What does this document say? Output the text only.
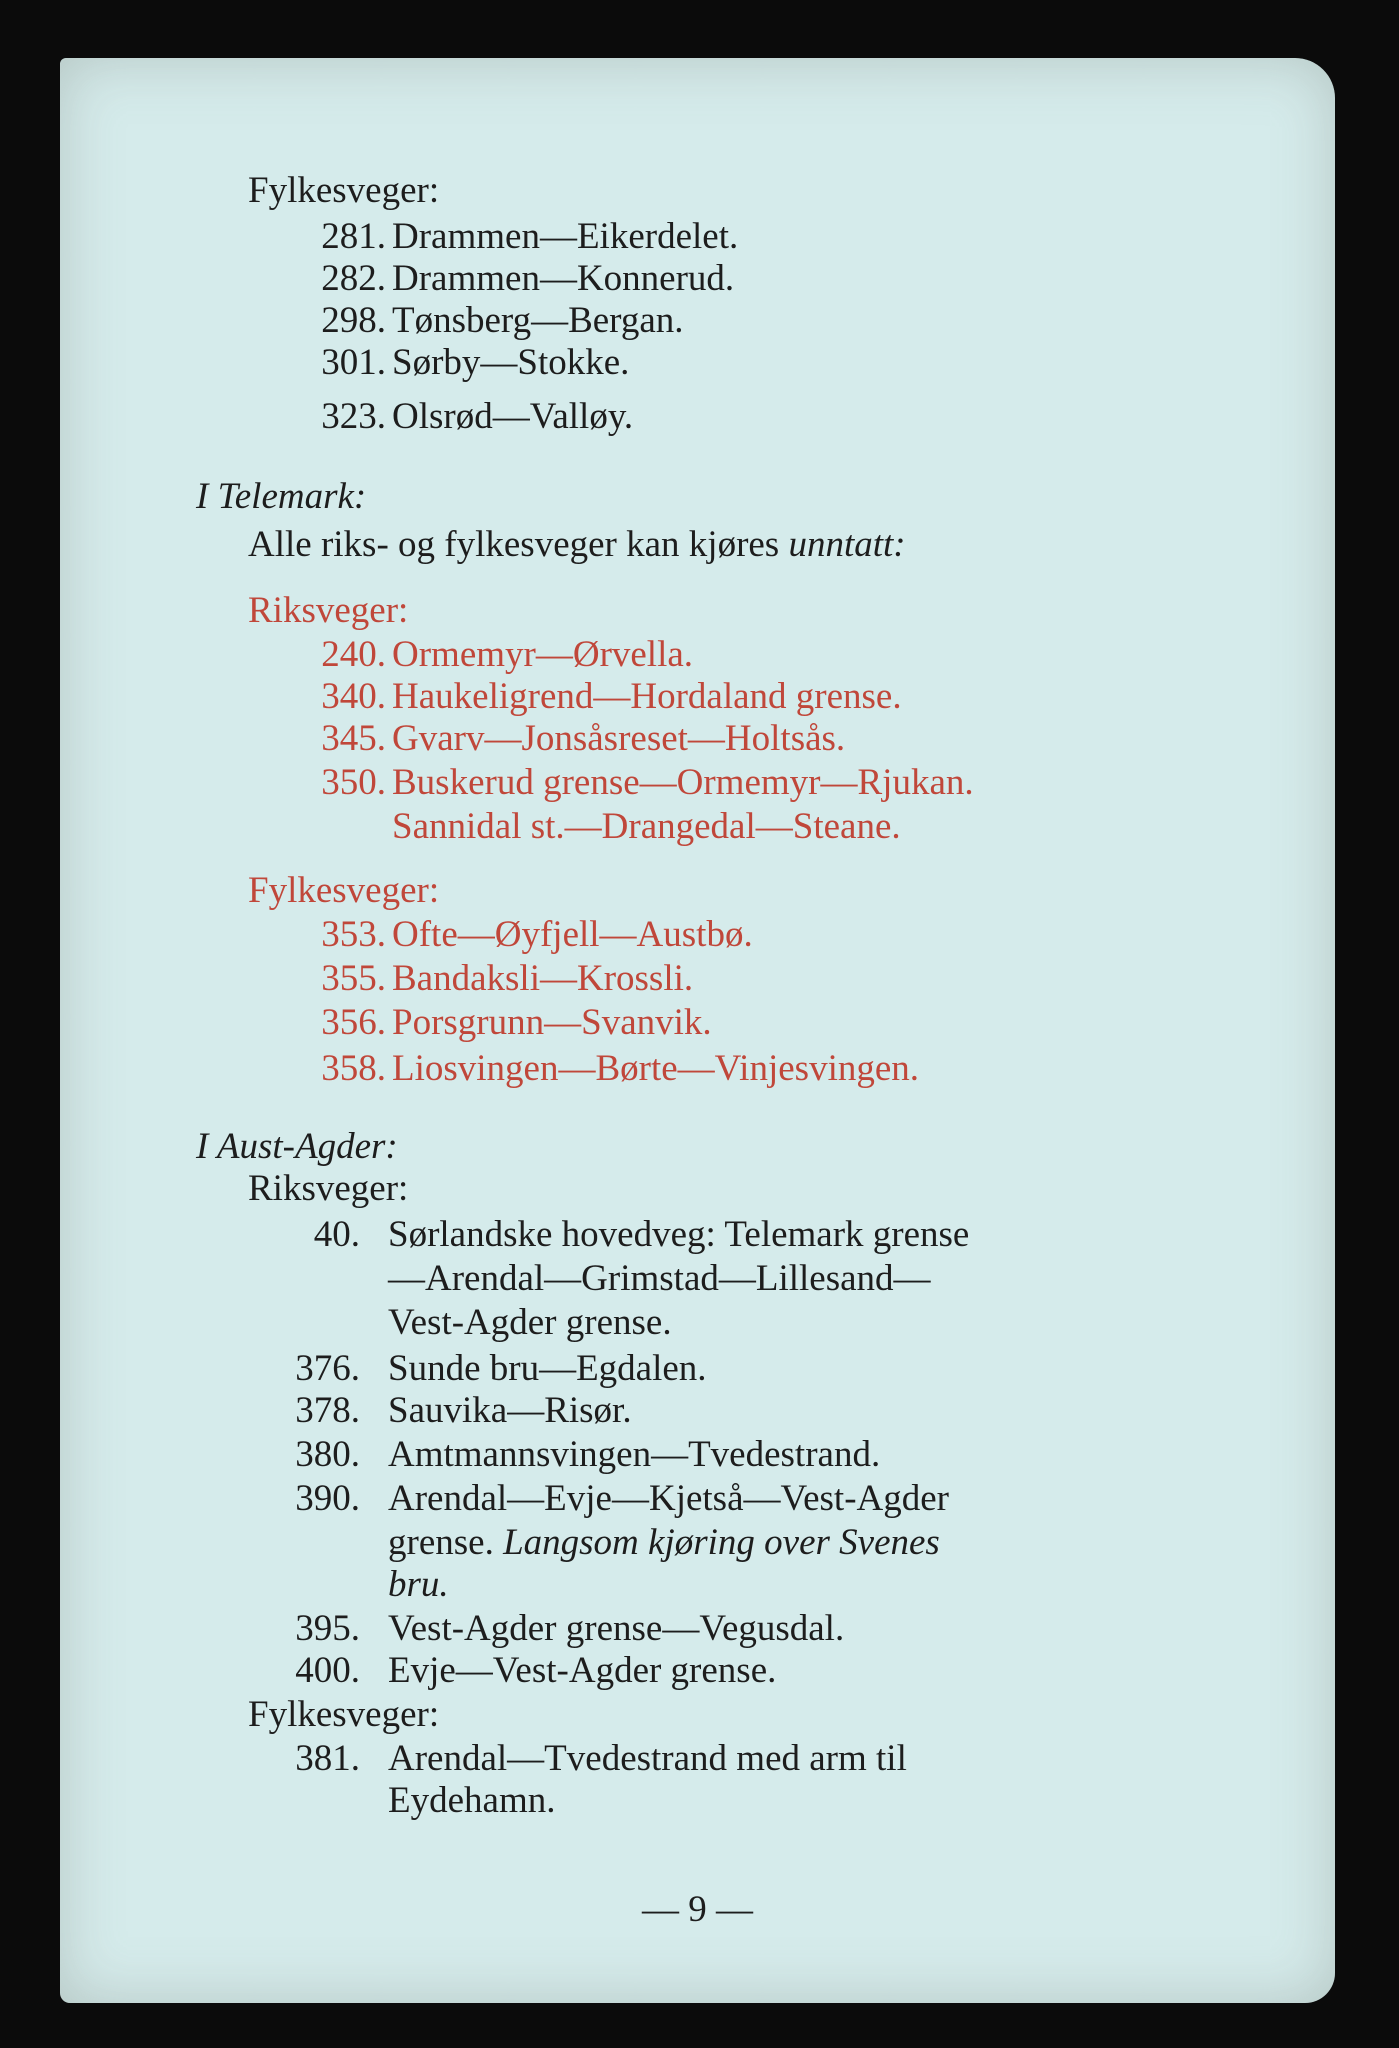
Fylkesveger:
281. Drammen—Eikerdelet.
282. Drammen—Konnerud.
298. Tønsberg—Bergan.
301. Sørby—Stokke.
323. Olsrød—Valløy.
I Telemark:
Alle riks- og fylkesveger kan kjøres unntatt:
Riksveger:
240. Ormemyr—Ørvella.
340. Haukeligrend—Hordaland grense.
345. Gvarv—Jonsåsreset—Holtsås.
350. Buskerud grense—Ormemyr—Rjukan.
Sannidal st.—Drangedal—Steane.
Fylkesveger:
353. Ofte—Øyfjell—Austbø.
355. Bandaksli—Krossli.
356. Porsgrunn—Svanvik.
358. Liosvingen—Børte—Vinjesvingen.
I Aust-Agder:
Riksveger:
40. Sørlandske hovedveg: Telemark grense
—Arendal—Grimstad—Lillesand—
Vest-Agder grense.
376. Sunde bru—Egdalen.
378. Sauvika—Risør.
380. Amtmannsvingen—Tvedestrand.
390. Arendal—Evje—Kjetså—Vest-Agder
grense. Langsom kjøring over Svenes
bru.
395. Vest-Agder grense—Vegusdal.
400. Evje—Vest-Agder grense.
Fylkesveger:
381. Arendal—Tvedestrand med arm til
Eydehamn.
— 9 —
